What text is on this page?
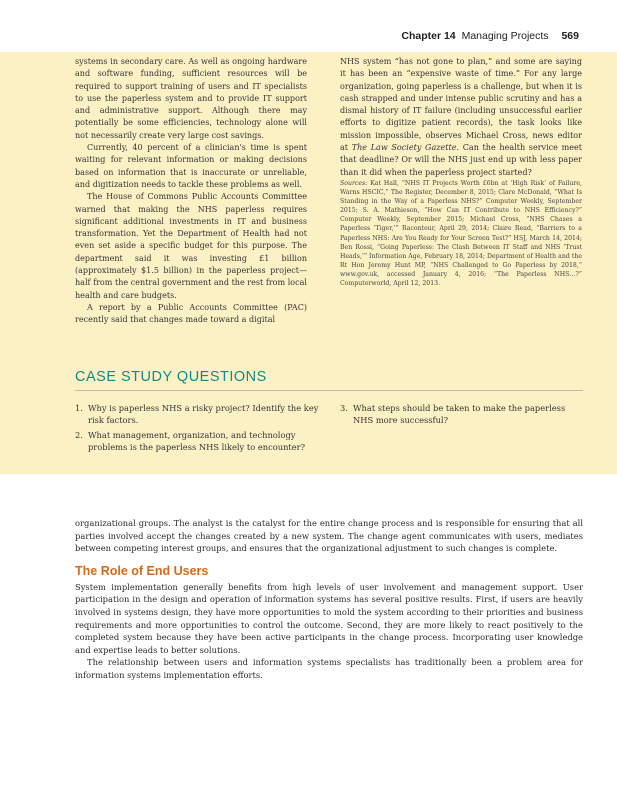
Chapter 14 Managing Projects 569

systems in secondary care. As well as ongoing hardware and software funding, sufficient resources will be required to support training of users and IT specialists to use the paperless system and to provide IT support and administrative support. Although there may potentially be some efficiencies, technology alone will not necessarily create very large cost savings.

Currently, 40 percent of a clinician's time is spent waiting for relevant information or making decisions based on information that is inaccurate or unreliable, and digitization needs to tackle these problems as well.

The House of Commons Public Accounts Committee warned that making the NHS paperless requires significant additional investments in IT and business transformation. Yet the Department of Health had not even set aside a specific budget for this purpose. The department said it was investing £1 billion (approximately $1.5 billion) in the paperless project—half from the central government and the rest from local health and care budgets.

A report by a Public Accounts Committee (PAC) recently said that changes made toward a digital

NHS system “has not gone to plan,” and some are saying it has been an “expensive waste of time.” For any large organization, going paperless is a challenge, but when it is cash strapped and under intense public scrutiny and has a dismal history of IT failure (including unsuccessful earlier efforts to digitize patient records), the task looks like mission impossible, observes Michael Cross, news editor at The Law Society Gazette. Can the health service meet that deadline? Or will the NHS just end up with less paper than it did when the paperless project started?

Sources: Kat Hall, “NHS IT Projects Worth £6bn at ‘High Risk’ of Failure, Warns HSCIC,” The Register, December 8, 2015; Clare McDonald, “What Is Standing in the Way of a Paperless NHS?” Computer Weekly, September 2015; S. A. Mathieson, “How Can IT Contribute to NHS Efficiency?” Computer Weekly, September 2015; Michael Cross, “NHS Chases a Paperless ‘Tiger,’” Raconteur, April 29, 2014; Claire Read, “Barriers to a Paperless NHS: Are You Ready for Your Screen Test?” HSJ, March 14, 2014; Ben Rossi, “Going Paperless: The Clash Between IT Staff and NHS ‘Trust Heads,’” Information Age, February 18, 2014; Department of Health and the Rt Hon Jeremy Hunt MP, “NHS Challenged to Go Paperless by 2018,” www.gov.uk, accessed January 4, 2016; “The Paperless NHS…?” Computerworld, April 12, 2013.

CASE STUDY QUESTIONS
1. Why is paperless NHS a risky project? Identify the key risk factors.
2. What management, organization, and technology problems is the paperless NHS likely to encounter?
3. What steps should be taken to make the paperless NHS more successful?

organizational groups. The analyst is the catalyst for the entire change process and is responsible for ensuring that all parties involved accept the changes created by a new system. The change agent communicates with users, mediates between competing interest groups, and ensures that the organizational adjustment to such changes is complete.

The Role of End Users

System implementation generally benefits from high levels of user involvement and management support. User participation in the design and operation of information systems has several positive results. First, if users are heavily involved in systems design, they have more opportunities to mold the system according to their priorities and business requirements and more opportunities to control the outcome. Second, they are more likely to react positively to the completed system because they have been active participants in the change process. Incorporating user knowledge and expertise leads to better solutions.

The relationship between users and information systems specialists has traditionally been a problem area for information systems implementation efforts.
